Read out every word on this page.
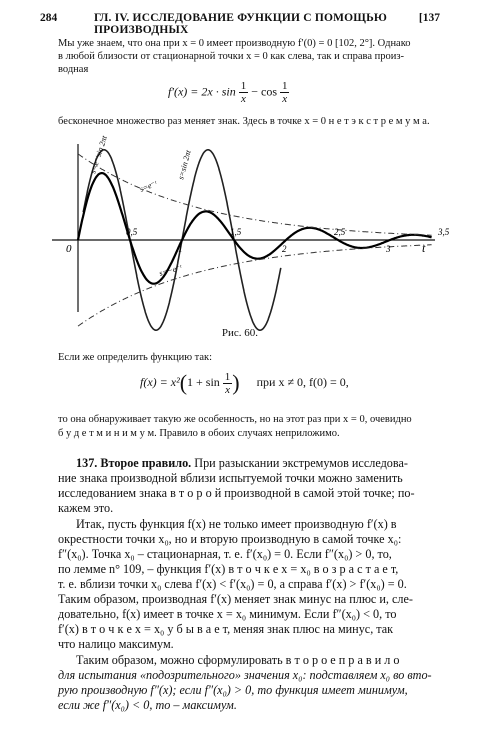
284	ГЛ. IV. ИССЛЕДОВАНИЕ ФУНКЦИИ С ПОМОЩЬЮ ПРОИЗВОДНЫХ
[137
Мы уже знаем, что она при x = 0 имеет производную f′(0) = 0 [102, 2°]. Однако
в любой близости от стационарной точки x = 0 как слева, так и справа произ-
водная
$f'(x) = 2x \cdot \sin \frac{1}{x} - \cos \frac{1}{x}$
бесконечное множество раз меняет знак. Здесь в точке x = 0 н е т э к с т р е м у м а.
0	t
s=e⁻ᵗ
s=−e⁻ᵗ
s=e⁻ᵗsin 2πt	s=sin 2πt
0,5
1
1,5
2
2,5
3
3,5
Рис. 60.
Если же определить функцию так:
$f(x) = x^2(1 + \sin \frac{1}{x}$ ) при x ≠ 0, f(0) = 0,
то она обнаруживает такую же особенность, но на этот раз при x = 0, очевидно
б у д е т м и н и м у м. Правило в обоих случаях неприложимо.
137. Второе правило. При разыскании экстремумов исследова-
ние знака производной вблизи испытуемой точки можно заменить
исследованием знака в т о р о й производной в самой этой точке; по-
кажем это.
Итак, пусть функция f(x) не только имеет производную f′(x) в
окрестности точки x₀, но и вторую производную в самой точке x₀:
f″(x₀). Точка x₀ – стационарная, т. е. f′(x₀) = 0. Если f″(x₀) > 0, то,
по лемме n° 109, – функция f′(x) в т о ч к е x = x₀ в о з р а с т а е т,
т. е. вблизи точки x₀ слева f′(x) < f′(x₀) = 0, а справа f′(x) > f′(x₀) = 0.
Таким образом, производная f′(x) меняет знак минус на плюс и, сле-
довательно, f(x) имеет в точке x = x₀ минимум. Если f″(x₀) < 0, то
f′(x) в т о ч к е x = x₀ у б ы в а е т, меняя знак плюс на минус, так
что налицо максимум.
Таким образом, можно сформулировать в т о р о е п р а в и л о
для испытания «подозрительного» значения x₀: подставляем x₀ во вто-
рую производную f″(x); если f″(x₀) > 0, то функция имеет минимум,
если же f″(x₀) < 0, то – максимум.
